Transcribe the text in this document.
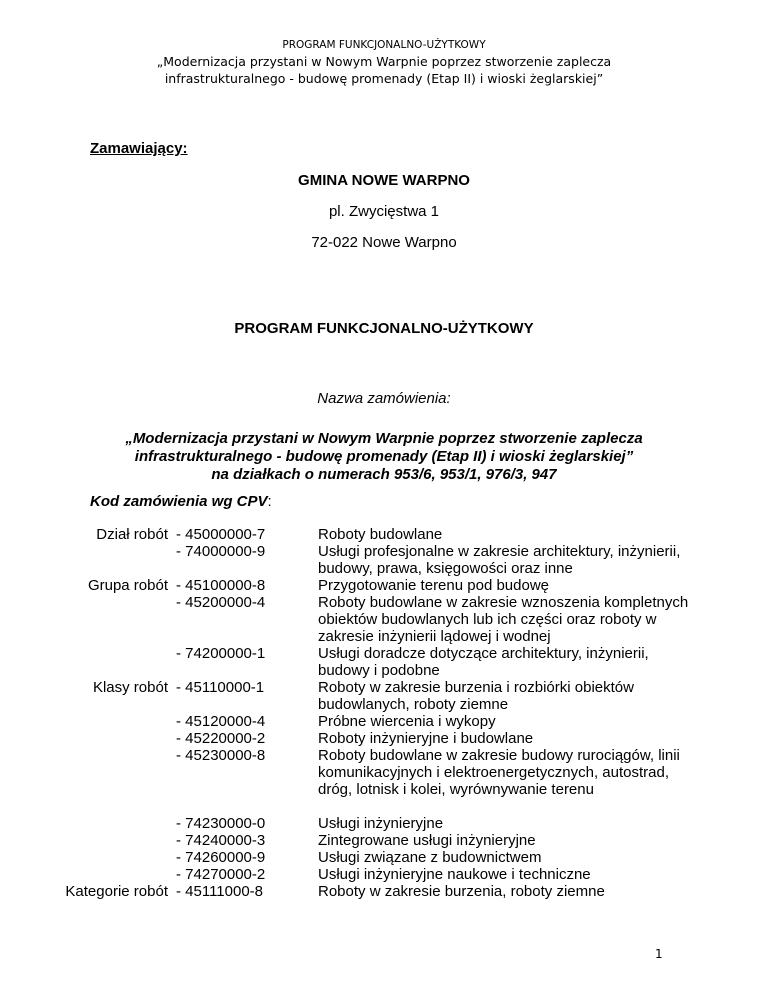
PROGRAM FUNKCJONALNO-UŻYTKOWY
„Modernizacja przystani w Nowym Warpnie poprzez stworzenie zaplecza infrastrukturalnego - budowę promenady (Etap II) i wioski żeglarskiej”
Zamawiający:
GMINA NOWE WARPNO
pl. Zwycięstwa 1
72-022 Nowe Warpno
PROGRAM FUNKCJONALNO-UŻYTKOWY
Nazwa zamówienia:
„Modernizacja przystani w Nowym Warpnie poprzez stworzenie zaplecza
infrastrukturalnego - budowę promenady (Etap II) i wioski żeglarskiej”
na działkach o numerach 953/6, 953/1, 976/3, 947
Kod zamówienia wg CPV:
Dział robót - 45000000-7	Roboty budowlane
- 74000000-9	Usługi profesjonalne w zakresie architektury, inżynierii, budowy, prawa, księgowości oraz inne
Grupa robót - 45100000-8	Przygotowanie terenu pod budowę
- 45200000-4	Roboty budowlane w zakresie wznoszenia kompletnych obiektów budowlanych lub ich części oraz roboty w zakresie inżynierii lądowej i wodnej
- 74200000-1	Usługi doradcze dotyczące architektury, inżynierii, budowy i podobne
Klasy robót - 45110000-1	Roboty w zakresie burzenia i rozbiórki obiektów budowlanych, roboty ziemne
- 45120000-4	Próbne wiercenia i wykopy
- 45220000-2	Roboty inżynieryjne i budowlane
- 45230000-8	Roboty budowlane w zakresie budowy rurociągów, linii komunikacyjnych i elektroenergetycznych, autostrad, dróg, lotnisk i kolei, wyrównywanie terenu
- 74230000-0	Usługi inżynieryjne
- 74240000-3	Zintegrowane usługi inżynieryjne
- 74260000-9	Usługi związane z budownictwem
- 74270000-2	Usługi inżynieryjne naukowe i techniczne
Kategorie robót - 45111000-8	Roboty w zakresie burzenia, roboty ziemne
1
